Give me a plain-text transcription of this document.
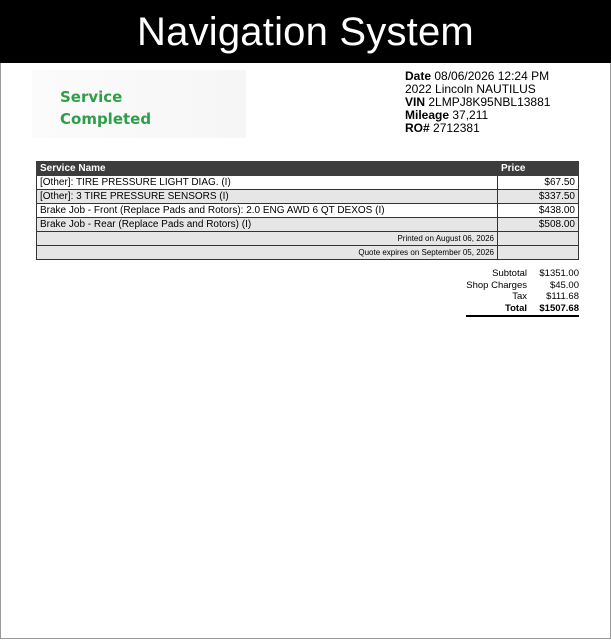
Navigation System
Service
Completed
Date 08/06/2026 12:24 PM
2022 Lincoln NAUTILUS
VIN 2LMPJ8K95NBL13881
Mileage 37,211
RO# 2712381
Service Name	Price
[Other]: TIRE PRESSURE LIGHT DIAG. (I)	$67.50
[Other]: 3 TIRE PRESSURE SENSORS (I)	$337.50
Brake Job - Front (Replace Pads and Rotors): 2.0 ENG AWD 6 QT DEXOS (I)	$438.00
Brake Job - Rear (Replace Pads and Rotors) (I)	$508.00
Printed on August 06, 2026	
Quote expires on September 05, 2026	
Subtotal	$1351.00
Shop Charges	$45.00
Tax	$111.68
Total	$1507.68
